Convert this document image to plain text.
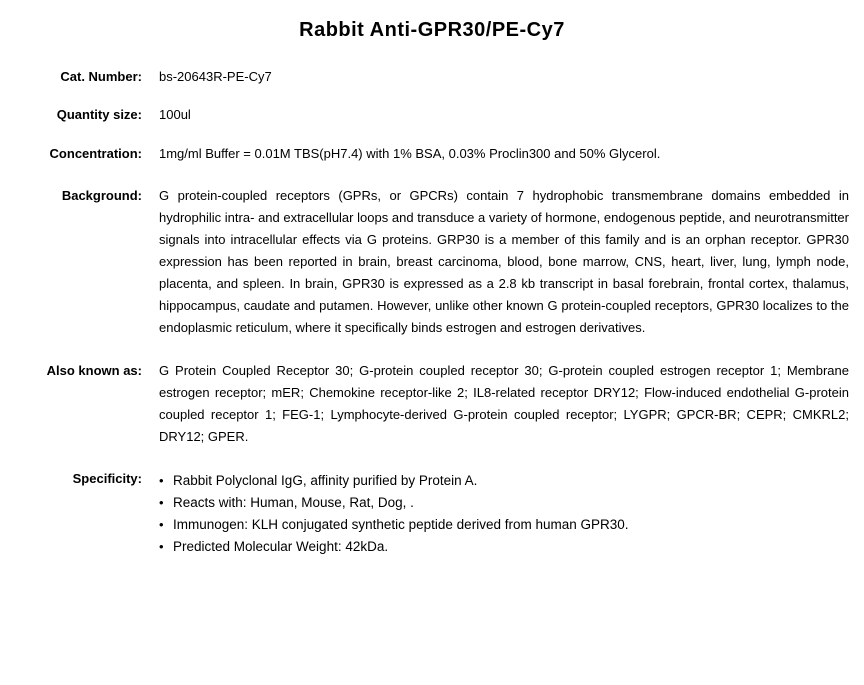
Rabbit Anti-GPR30/PE-Cy7
Cat. Number: bs-20643R-PE-Cy7
Quantity size: 100ul
Concentration: 1mg/ml Buffer = 0.01M TBS(pH7.4) with 1% BSA, 0.03% Proclin300 and 50% Glycerol.
Background: G protein-coupled receptors (GPRs, or GPCRs) contain 7 hydrophobic transmembrane domains embedded in hydrophilic intra- and extracellular loops and transduce a variety of hormone, endogenous peptide, and neurotransmitter signals into intracellular effects via G proteins. GRP30 is a member of this family and is an orphan receptor. GPR30 expression has been reported in brain, breast carcinoma, blood, bone marrow, CNS, heart, liver, lung, lymph node, placenta, and spleen. In brain, GPR30 is expressed as a 2.8 kb transcript in basal forebrain, frontal cortex, thalamus, hippocampus, caudate and putamen. However, unlike other known G protein-coupled receptors, GPR30 localizes to the endoplasmic reticulum, where it specifically binds estrogen and estrogen derivatives.
Also known as: G Protein Coupled Receptor 30; G-protein coupled receptor 30; G-protein coupled estrogen receptor 1; Membrane estrogen receptor; mER; Chemokine receptor-like 2; IL8-related receptor DRY12; Flow-induced endothelial G-protein coupled receptor 1; FEG-1; Lymphocyte-derived G-protein coupled receptor; LYGPR; GPCR-BR; CEPR; CMKRL2; DRY12; GPER.
Specificity:	• Rabbit Polyclonal IgG, affinity purified by Protein A.
• Reacts with: Human, Mouse, Rat, Dog, .
• Immunogen: KLH conjugated synthetic peptide derived from human GPR30.
• Predicted Molecular Weight: 42kDa.
